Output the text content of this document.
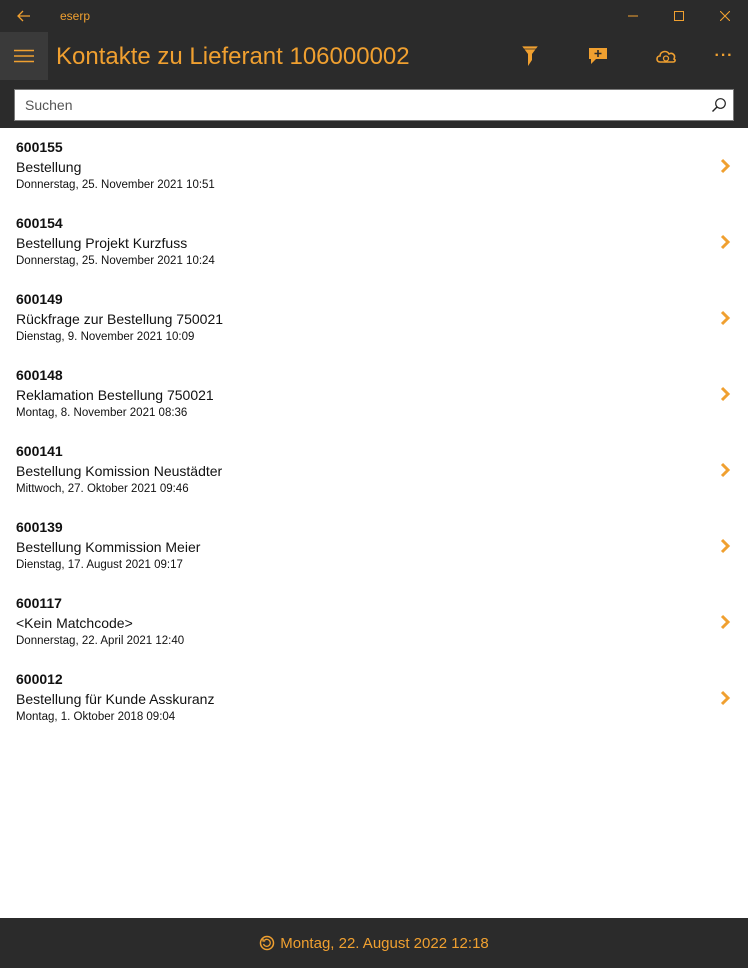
eserp
Kontakte zu Lieferant 106000002	···
Suchen
600155
Bestellung
Donnerstag, 25. November 2021 10:51
600154
Bestellung Projekt Kurzfuss
Donnerstag, 25. November 2021 10:24
600149
Rückfrage zur Bestellung 750021
Dienstag, 9. November 2021 10:09
600148
Reklamation Bestellung 750021
Montag, 8. November 2021 08:36
600141
Bestellung Komission Neustädter
Mittwoch, 27. Oktober 2021 09:46
600139
Bestellung Kommission Meier
Dienstag, 17. August 2021 09:17
600117
<Kein Matchcode>
Donnerstag, 22. April 2021 12:40
600012
Bestellung für Kunde Asskuranz
Montag, 1. Oktober 2018 09:04
Montag, 22. August 2022 12:18
